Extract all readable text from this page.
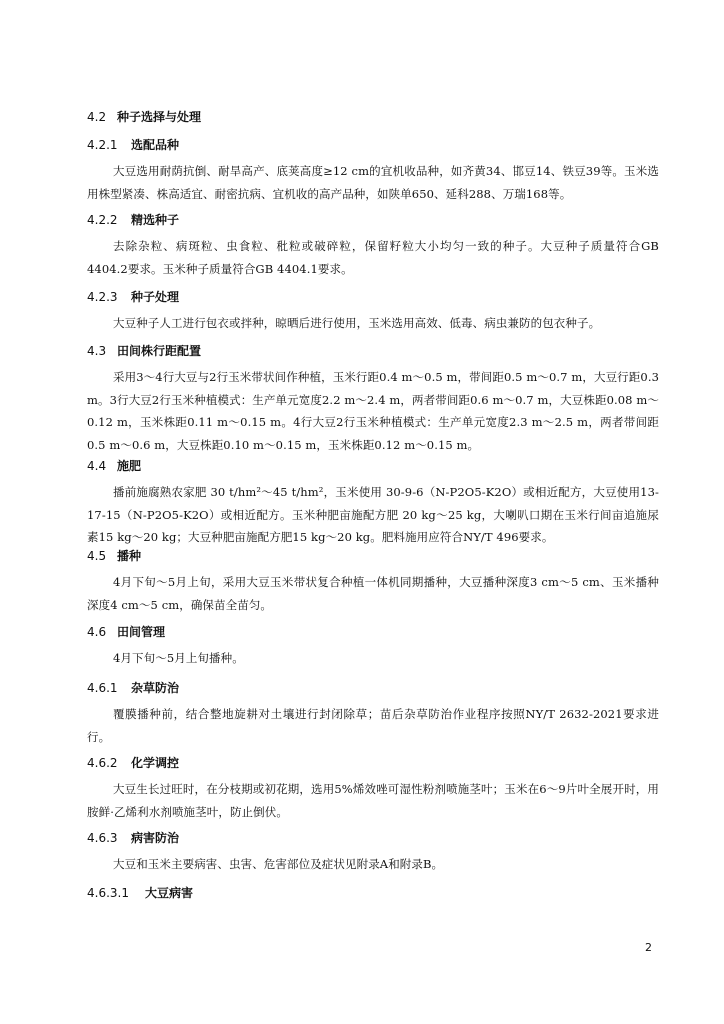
4.2 种子选择与处理
4.2.1 选配品种

大豆选用耐荫抗倒、耐旱高产、底荚高度≥12 cm的宜机收品种，如齐黄34、邯豆14、铁豆39等。玉米选用株型紧凑、株高适宜、耐密抗病、宜机收的高产品种，如陕单650、延科288、万瑞168等。

4.2.2 精选种子

去除杂粒、病斑粒、虫食粒、秕粒或破碎粒，保留籽粒大小均匀一致的种子。大豆种子质量符合GB 4404.2要求。玉米种子质量符合GB 4404.1要求。

4.2.3 种子处理

大豆种子人工进行包衣或拌种，晾晒后进行使用，玉米选用高效、低毒、病虫兼防的包衣种子。

4.3 田间株行距配置

采用3～4行大豆与2行玉米带状间作种植，玉米行距0.4 m～0.5 m，带间距0.5 m～0.7 m，大豆行距0.3 m。3行大豆2行玉米种植模式：生产单元宽度2.2 m～2.4 m，两者带间距0.6 m～0.7 m，大豆株距0.08 m～0.12 m，玉米株距0.11 m～0.15 m。4行大豆2行玉米种植模式：生产单元宽度2.3 m～2.5 m，两者带间距0.5 m～0.6 m，大豆株距0.10 m～0.15 m，玉米株距0.12 m～0.15 m。

4.4 施肥

播前施腐熟农家肥 30 t/hm²～45 t/hm²，玉米使用 30-9-6（N-P2O5-K2O）或相近配方，大豆使用13-17-15（N-P2O5-K2O）或相近配方。玉米种肥亩施配方肥 20 kg～25 kg，大喇叭口期在玉米行间亩追施尿素15 kg～20 kg；大豆种肥亩施配方肥15 kg～20 kg。肥料施用应符合NY/T 496要求。

4.5 播种

4月下旬～5月上旬，采用大豆玉米带状复合种植一体机同期播种，大豆播种深度3 cm～5 cm、玉米播种深度4 cm～5 cm，确保苗全苗匀。

4.6 田间管理

4月下旬～5月上旬播种。

4.6.1 杂草防治

覆膜播种前，结合整地旋耕对土壤进行封闭除草；苗后杂草防治作业程序按照NY/T 2632-2021要求进行。

4.6.2 化学调控

大豆生长过旺时，在分枝期或初花期，选用5%烯效唑可湿性粉剂喷施茎叶；玉米在6～9片叶全展开时，用胺鲜·乙烯利水剂喷施茎叶，防止倒伏。

4.6.3 病害防治

大豆和玉米主要病害、虫害、危害部位及症状见附录A和附录B。

4.6.3.1 大豆病害
2
